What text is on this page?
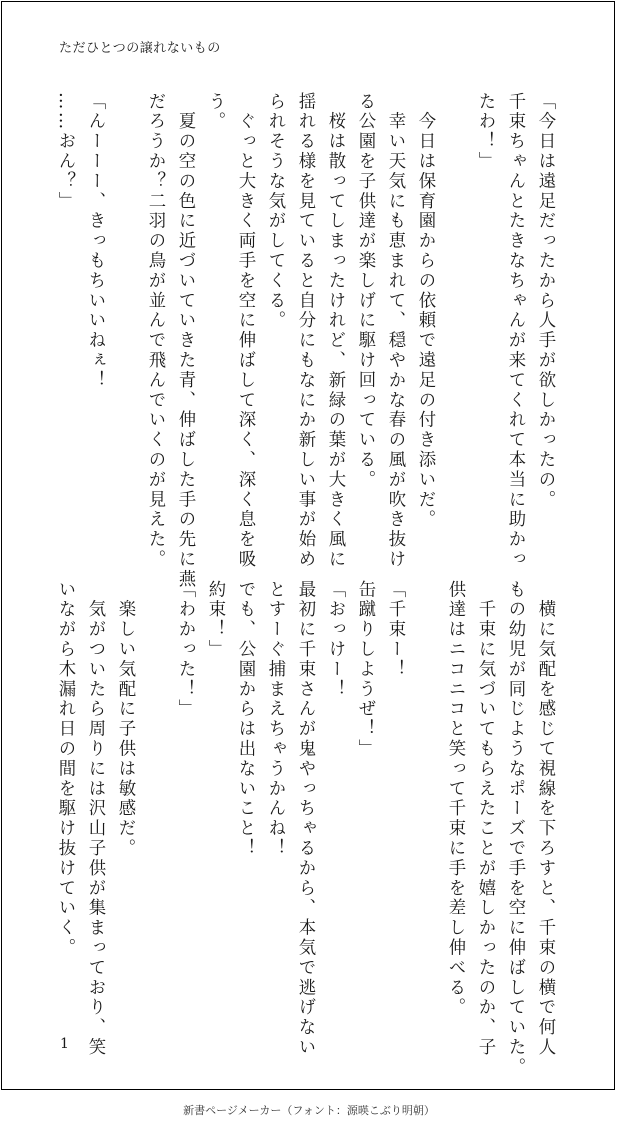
ただひとつの譲れないもの
「今日は遠足だったから人手が欲しかったの。
千束ちゃんとたきなちゃんが来てくれて本当に助かっ
たわ！」

　今日は保育園からの依頼で遠足の付き添いだ。
　幸い天気にも恵まれて、穏やかな春の風が吹き抜け
る公園を子供達が楽しげに駆け回っている。
　桜は散ってしまったけれど、新緑の葉が大きく風に
揺れる様を見ていると自分にもなにか新しい事が始め
られそうな気がしてくる。
　ぐっと大きく両手を空に伸ばして深く、深く息を吸
う。
　夏の空の色に近づいていきた青、伸ばした手の先に燕
だろうか？二羽の鳥が並んで飛んでいくのが見えた。

「んーーー、きっもちいいねぇ！
……おん？」
　横に気配を感じて視線を下ろすと、千束の横で何人
もの幼児が同じようなポーズで手を空に伸ばしていた。
　千束に気づいてもらえたことが嬉しかったのか、子
供達はニコニコと笑って千束に手を差し伸べる。

「千束ー！
缶蹴りしようぜ！」
「おっけー！
最初に千束さんが鬼やっちゃるから、本気で逃げない
とすーぐ捕まえちゃうかんね！
でも、公園からは出ないこと！
約束！」
「わかった！」

　楽しい気配に子供は敏感だ。
　気がついたら周りには沢山子供が集まっており、笑
いながら木漏れ日の間を駆け抜けていく。
1
新書ページメーカー（フォント：源暎こぶり明朝）
